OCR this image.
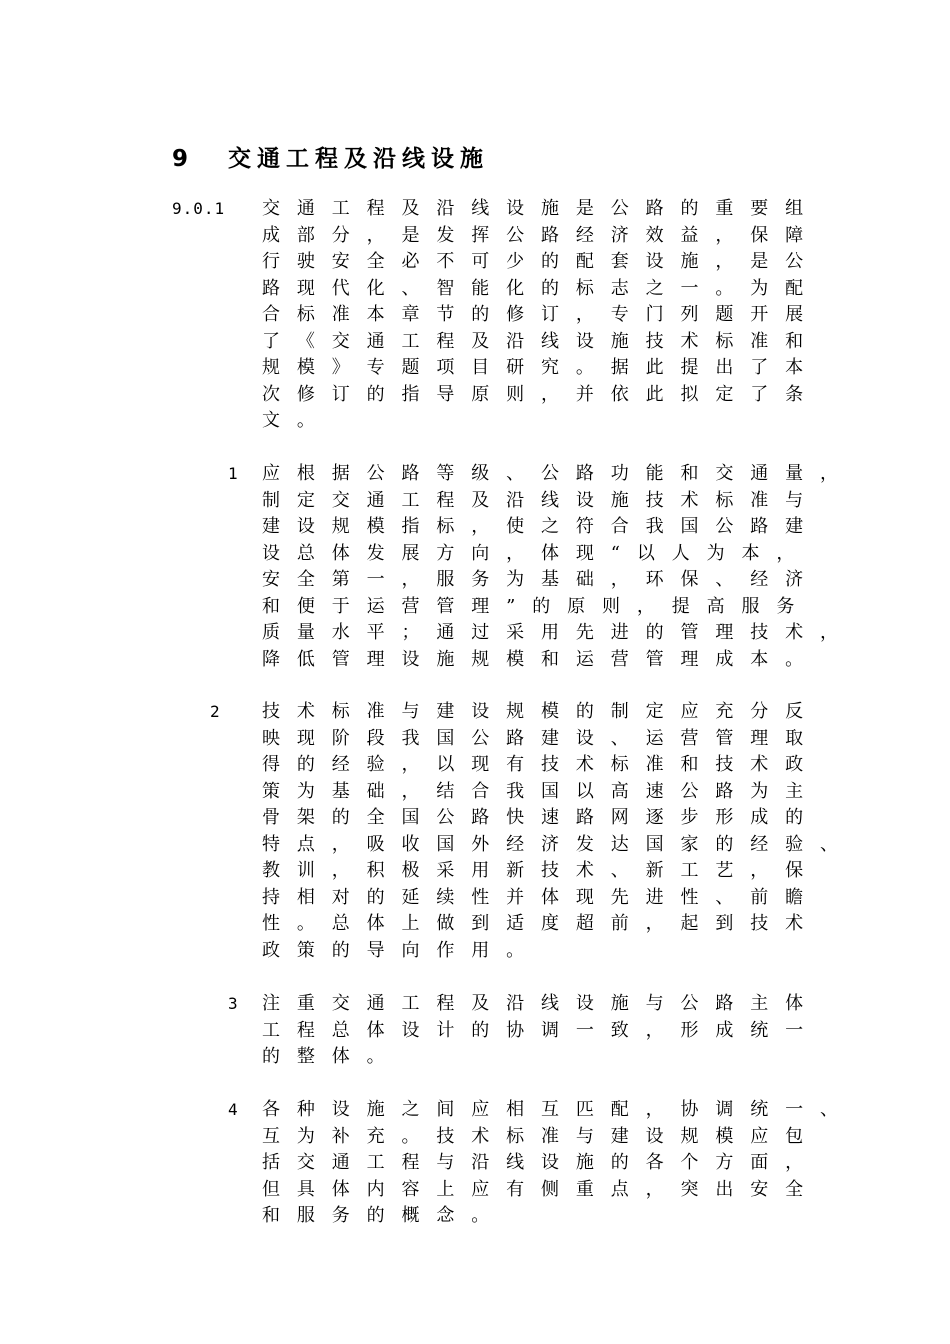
9 交通工程及沿线设施
9.0.1 交通工程及沿线设施是公路的重要组
成部分，是发挥公路经济效益，保障
行驶安全必不可少的配套设施，是公
路现代化、智能化的标志之一。为配
合标准本章节的修订，专门列题开展
了《交通工程及沿线设施技术标准和
规模》专题项目研究。据此提出了本
次修订的指导原则，并依此拟定了条
文。
1 应根据公路等级、公路功能和交通量，
制定交通工程及沿线设施技术标准与
建设规模指标，使之符合我国公路建
设总体发展方向，体现“以人为本，
安全第一，服务为基础，环保、经济
和便于运营管理”的原则，提高服务
质量水平；通过采用先进的管理技术，
降低管理设施规模和运营管理成本。
2 技术标准与建设规模的制定应充分反
映现阶段我国公路建设、运营管理取
得的经验，以现有技术标准和技术政
策为基础，结合我国以高速公路为主
骨架的全国公路快速路网逐步形成的
特点，吸收国外经济发达国家的经验、
教训，积极采用新技术、新工艺，保
持相对的延续性并体现先进性、前瞻
性。总体上做到适度超前，起到技术
政策的导向作用。
3 注重交通工程及沿线设施与公路主体
工程总体设计的协调一致，形成统一
的整体。
4 各种设施之间应相互匹配，协调统一、
互为补充。技术标准与建设规模应包
括交通工程与沿线设施的各个方面，
但具体内容上应有侧重点，突出安全
和服务的概念。
